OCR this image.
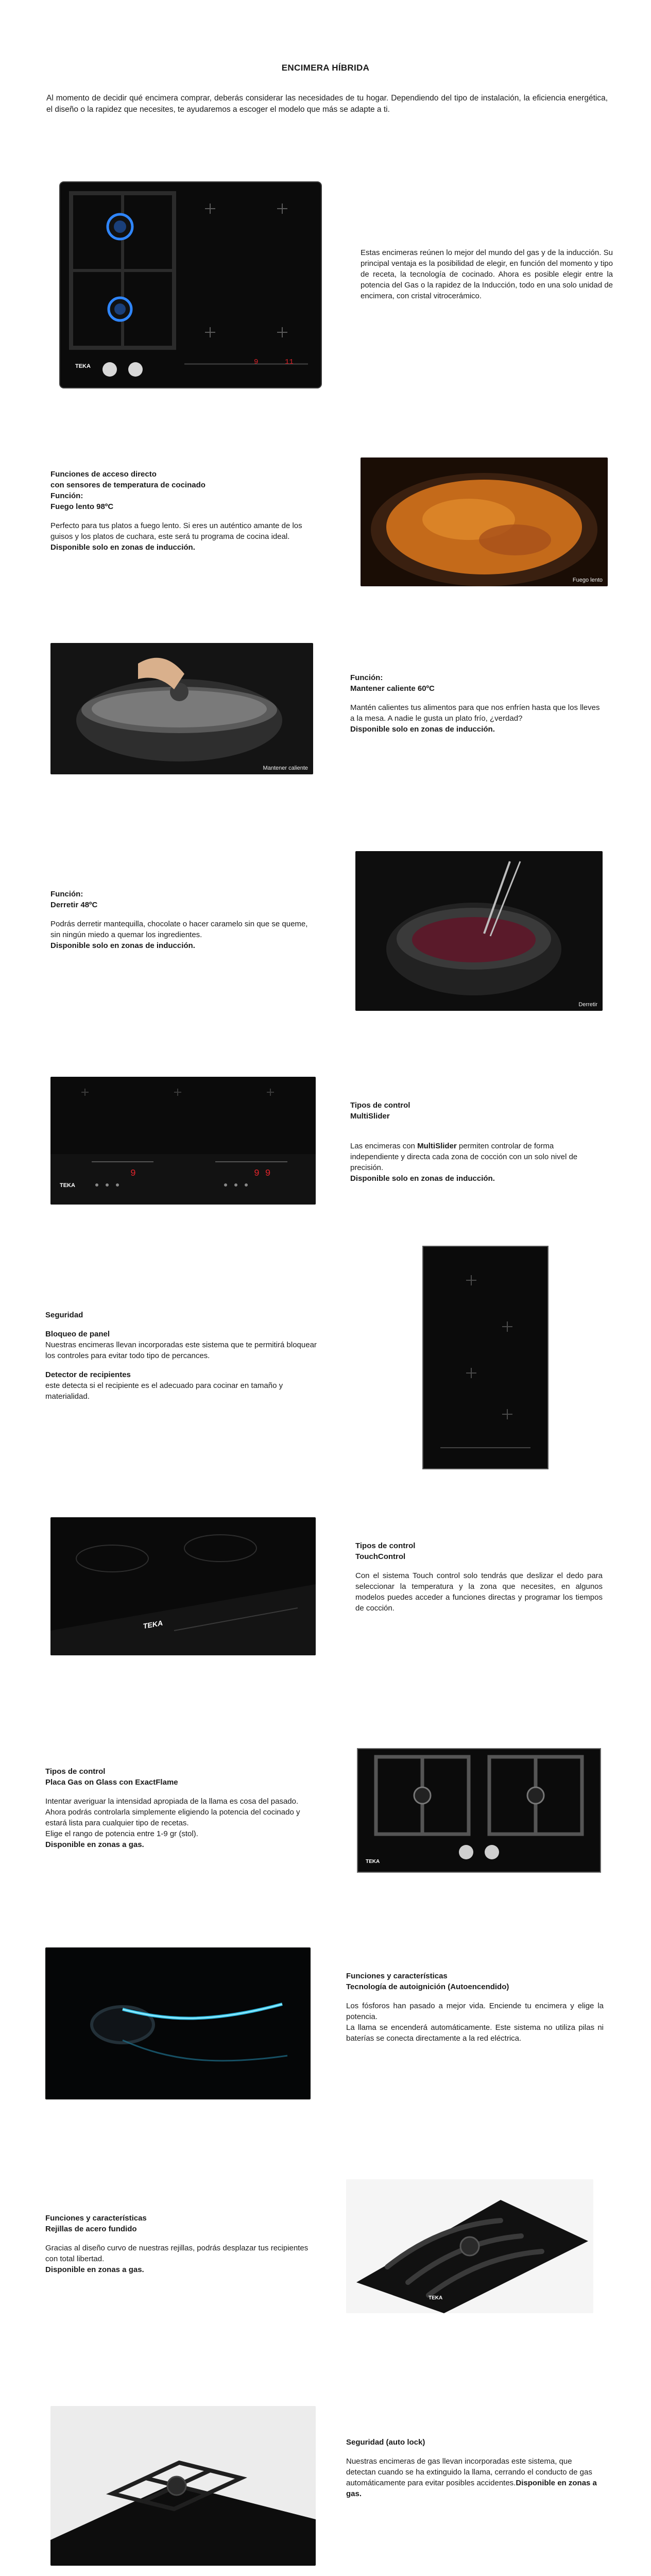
ENCIMERA HÍBRIDA

Al momento de decidir qué encimera comprar, deberás considerar las necesidades de tu hogar. Dependiendo del tipo de instalación, la eficiencia energética, el diseño o la rapidez que necesites, te ayudaremos a escoger el modelo que más se adapte a ti.

TEKA	9	11
Estas encimeras reúnen lo mejor del mundo del gas y de la inducción. Su principal ventaja es la posibilidad de elegir, en función del momento y tipo de receta, la tecnología de cocinado. Ahora es posible elegir entre la potencia del Gas o la rapidez de la Inducción, todo en una solo unidad de encimera, con cristal vitrocerámico.
Funciones de acceso directo
con sensores de temperatura de cocinado
Función:
Fuego lento 98ºC
Perfecto para tus platos a fuego lento. Si eres un auténtico amante de los guisos y los platos de cuchara, este será tu programa de cocina ideal.
Disponible solo en zonas de inducción.
Fuego lento
Mantener caliente
Función:
Mantener caliente 60ºC
Mantén calientes tus alimentos para que nos enfríen hasta que los lleves a la mesa. A nadie le gusta un plato frío, ¿verdad?
Disponible solo en zonas de inducción.
Función:
Derretir 48ºC
Podrás derretir mantequilla, chocolate o hacer caramelo sin que se queme, sin ningún miedo a quemar los ingredientes.
Disponible solo en zonas de inducción.
Derretir
TEKA
9	9 9
Tipos de control
MultiSlider

Las encimeras con MultiSlider permiten controlar de forma independiente y directa cada zona de cocción con un solo nivel de precisión.

Disponible solo en zonas de inducción.
Seguridad
Bloqueo de panel
Nuestras encimeras llevan incorporadas este sistema que te permitirá bloquear los controles para evitar todo tipo de percances.
Detector de recipientes
este detecta si el recipiente es el adecuado para cocinar en tamaño y materialidad.
TEKA
Tipos de control
TouchControl
Con el sistema Touch control solo tendrás que deslizar el dedo para seleccionar la temperatura y la zona que necesites, en algunos modelos puedes acceder a funciones directas y programar los tiempos de cocción.
Tipos de control
Placa Gas on Glass con ExactFlame
Intentar averiguar la intensidad apropiada de la llama es cosa del pasado. Ahora podrás controlarla simplemente eligiendo la potencia del cocinado y estará lista para cualquier tipo de recetas.
Elige el rango de potencia entre 1-9 gr (stol).
Disponible en zonas a gas.
TEKA
Funciones y características
Tecnología de autoignición (Autoencendido)
Los fósforos han pasado a mejor vida. Enciende tu encimera y elige la potencia.
La llama se encenderá automáticamente. Este sistema no utiliza pilas ni baterías se conecta directamente a la red eléctrica.
Funciones y características
Rejillas de acero fundido
Gracias al diseño curvo de nuestras rejillas, podrás desplazar tus recipientes con total libertad.
Disponible en zonas a gas.
TEKA
Seguridad (auto lock)
Nuestras encimeras de gas llevan incorporadas este sistema, que detectan cuando se ha extinguido la llama, cerrando el conducto de gas automáticamente para evitar posibles accidentes.Disponible en zonas a gas.
